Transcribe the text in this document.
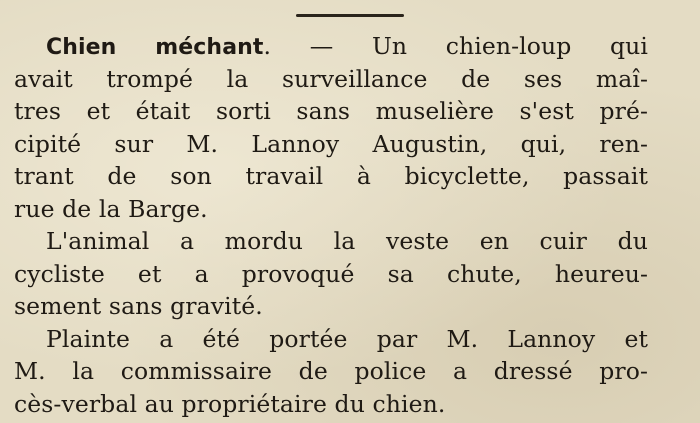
Chien méchant. — Un chien-loup qui
avait trompé la surveillance de ses maî-
tres et était sorti sans muselière s'est pré-
cipité sur M. Lannoy Augustin, qui, ren-
trant de son travail à bicyclette, passait
rue de la Barge.
L'animal a mordu la veste en cuir du
cycliste et a provoqué sa chute, heureu-
sement sans gravité.
Plainte a été portée par M. Lannoy et
M. la commissaire de police a dressé pro-
cès-verbal au propriétaire du chien.
